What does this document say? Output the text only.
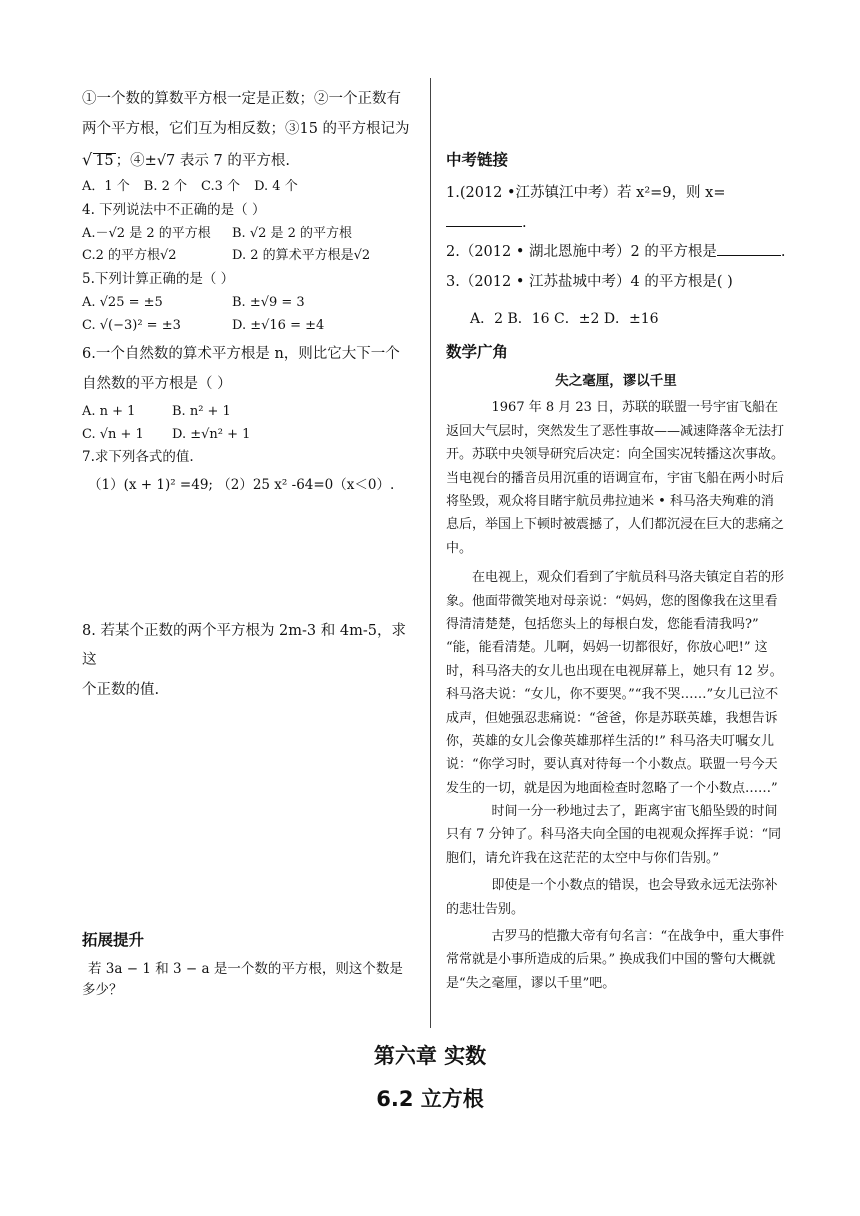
①一个数的算数平方根一定是正数；②一个正数有

两个平方根，它们互为相反数；③15 的平方根记为

√ 15 ；④±√7 表示 7 的平方根.

A．1 个 B. 2 个 C.3 个 D. 4 个

4. 下列说法中不正确的是（ ）

A.－√2 是 2 的平方根	B. √2 是 2 的平方根
C.2 的平方根√2	D. 2 的算术平方根是√2

5.下列计算正确的是（ ）

A. √25 = ±5	B. ±√9 = 3
C. √(−3)² = ±3	D. ±√16 = ±4

6.一个自然数的算术平方根是 n，则比它大下一个

自然数的平方根是（ ）

A. n + 1	B. n² + 1
C. √n + 1	D. ±√n² + 1

7.求下列各式的值.

（1）(x + 1)² =49; （2）25 x² -64=0（x＜0）.

8. 若某个正数的两个平方根为 2m-3 和 4m-5，求这

个正数的值.

拓展提升

若 3a − 1 和 3 − a 是一个数的平方根，则这个数是

多少？

中考链接

1.(2012 •江苏镇江中考）若 x²=9，则 x=.

2.（2012 • 湖北恩施中考）2 的平方根是	.

3.（2012 • 江苏盐城中考）4 的平方根是( )

A．2 B．16 C．±2 D．±16

数学广角
失之毫厘，谬以千里

1967 年 8 月 23 日，苏联的联盟一号宇宙飞船在返回大气层时，突然发生了恶性事故——减速降落伞无法打开。苏联中央领导研究后决定：向全国实况转播这次事故。当电视台的播音员用沉重的语调宣布，宇宙飞船在两小时后将坠毁，观众将目睹宇航员弗拉迪米 • 科马洛夫殉难的消息后，举国上下顿时被震撼了，人们都沉浸在巨大的悲痛之中。

在电视上，观众们看到了宇航员科马洛夫镇定自若的形象。他面带微笑地对母亲说：“妈妈，您的图像我在这里看得清清楚楚，包括您头上的每根白发，您能看清我吗?” “能，能看清楚。儿啊，妈妈一切都很好，你放心吧!” 这时，科马洛夫的女儿也出现在电视屏幕上，她只有 12 岁。科马洛夫说：“女儿，你不要哭。”“我不哭……”女儿已泣不成声，但她强忍悲痛说：“爸爸，你是苏联英雄，我想告诉你，英雄的女儿会像英雄那样生活的!” 科马洛夫叮嘱女儿说：“你学习时，要认真对待每一个小数点。联盟一号今天发生的一切，就是因为地面检查时忽略了一个小数点……”

时间一分一秒地过去了，距离宇宙飞船坠毁的时间只有 7 分钟了。科马洛夫向全国的电视观众挥挥手说：“同胞们，请允许我在这茫茫的太空中与你们告别。”

即使是一个小数点的错误，也会导致永远无法弥补的悲壮告别。

古罗马的恺撒大帝有句名言：“在战争中，重大事件常常就是小事所造成的后果。” 换成我们中国的警句大概就是“失之毫厘，谬以千里”吧。

第六章 实数
6.2 立方根
